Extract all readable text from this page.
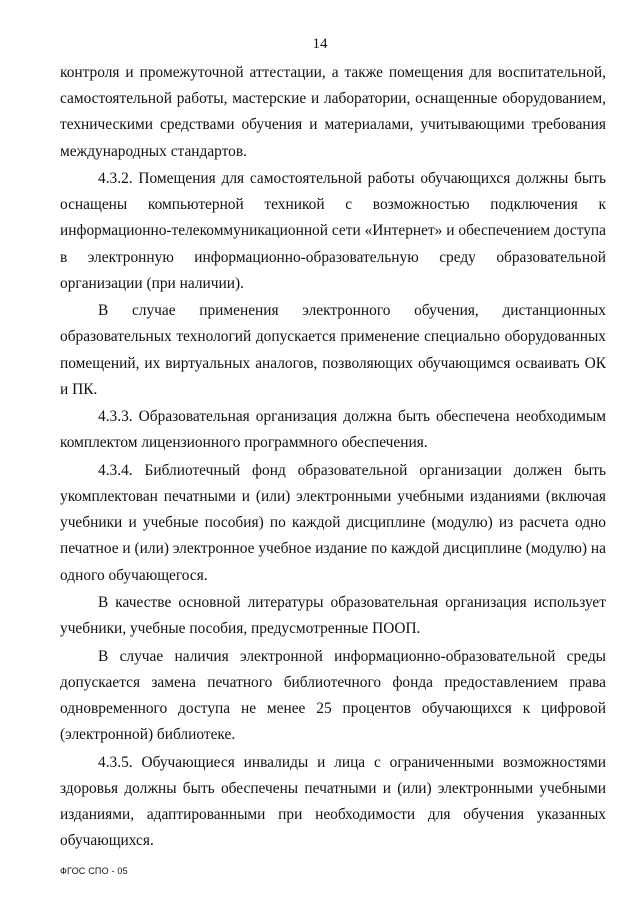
14

контроля и промежуточной аттестации, а также помещения для воспитательной, самостоятельной работы, мастерские и лаборатории, оснащенные оборудованием, техническими средствами обучения и материалами, учитывающими требования международных стандартов.

4.3.2. Помещения для самостоятельной работы обучающихся должны быть оснащены компьютерной техникой с возможностью подключения к информационно-телекоммуникационной сети «Интернет» и обеспечением доступа в электронную информационно-образовательную среду образовательной организации (при наличии).

В случае применения электронного обучения, дистанционных образовательных технологий допускается применение специально оборудованных помещений, их виртуальных аналогов, позволяющих обучающимся осваивать ОК и ПК.

4.3.3. Образовательная организация должна быть обеспечена необходимым комплектом лицензионного программного обеспечения.

4.3.4. Библиотечный фонд образовательной организации должен быть укомплектован печатными и (или) электронными учебными изданиями (включая учебники и учебные пособия) по каждой дисциплине (модулю) из расчета одно печатное и (или) электронное учебное издание по каждой дисциплине (модулю) на одного обучающегося.

В качестве основной литературы образовательная организация использует учебники, учебные пособия, предусмотренные ПООП.

В случае наличия электронной информационно-образовательной среды допускается замена печатного библиотечного фонда предоставлением права одновременного доступа не менее 25 процентов обучающихся к цифровой (электронной) библиотеке.

4.3.5. Обучающиеся инвалиды и лица с ограниченными возможностями здоровья должны быть обеспечены печатными и (или) электронными учебными изданиями, адаптированными при необходимости для обучения указанных обучающихся.

ФГОС СПО - 05
